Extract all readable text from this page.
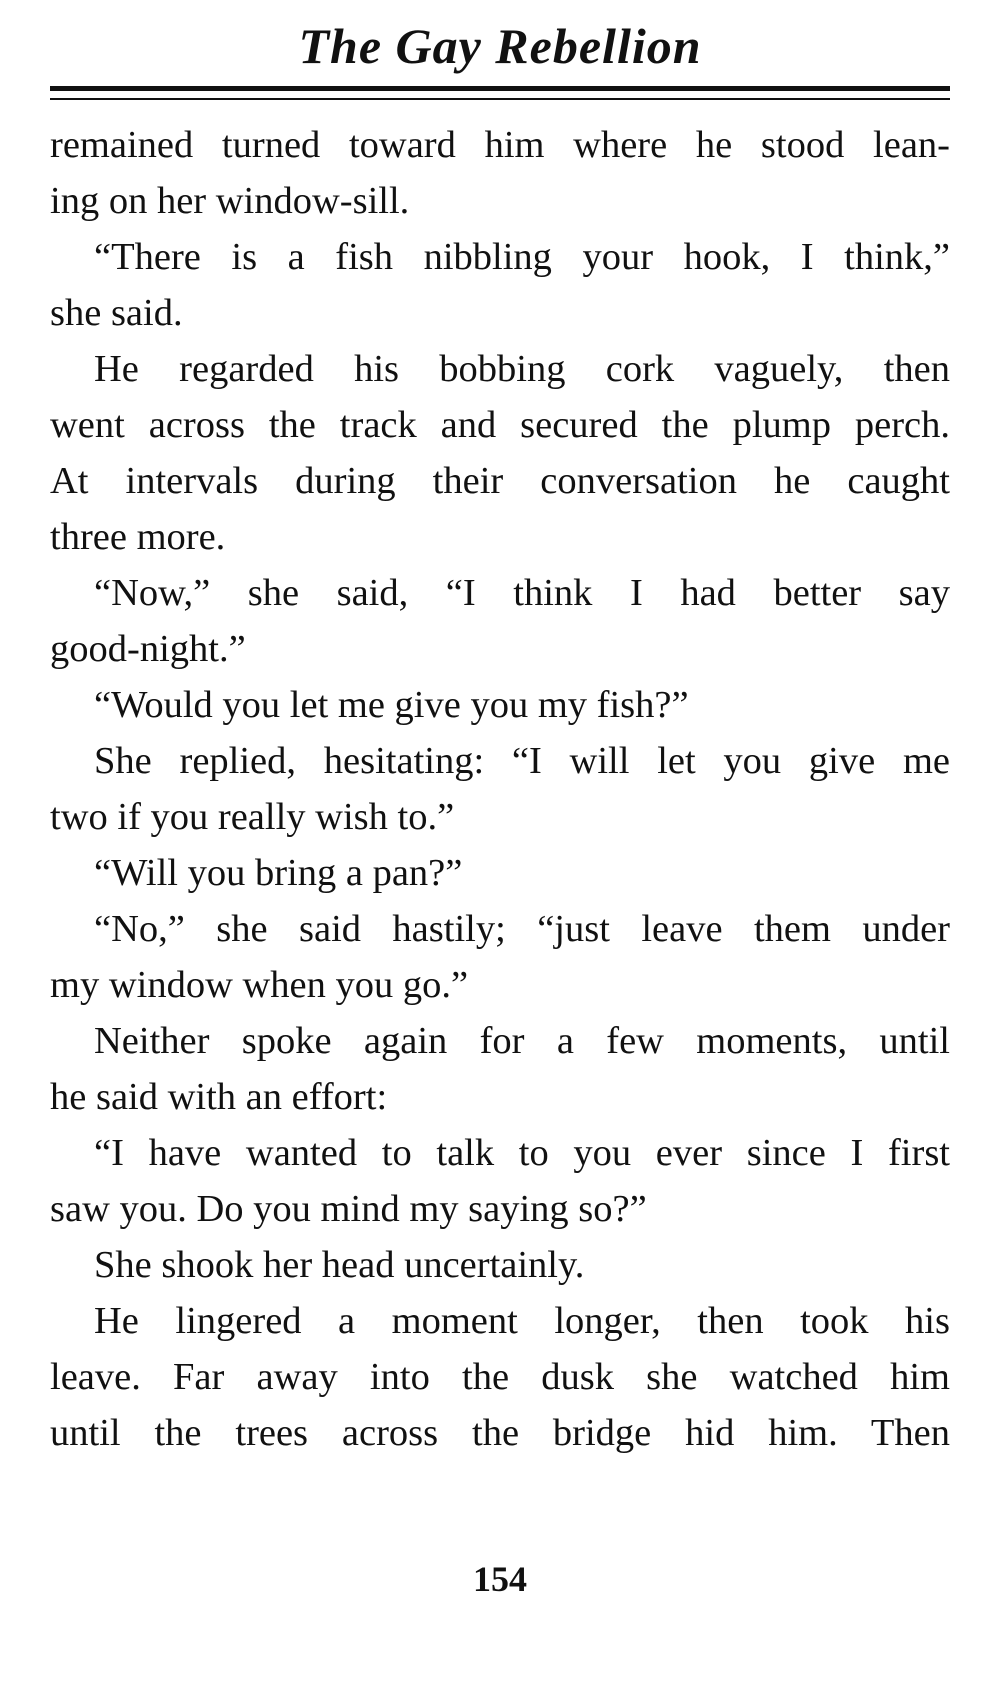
The Gay Rebellion
remained turned toward him where he stood lean-
ing on her window-sill.
“There is a fish nibbling your hook, I think,”
she said.
He regarded his bobbing cork vaguely, then
went across the track and secured the plump perch.
At intervals during their conversation he caught
three more.
“Now,” she said, “I think I had better say
good-night.”
“Would you let me give you my fish?”
She replied, hesitating: “I will let you give me
two if you really wish to.”
“Will you bring a pan?”
“No,” she said hastily; “just leave them under
my window when you go.”
Neither spoke again for a few moments, until
he said with an effort:
“I have wanted to talk to you ever since I first
saw you. Do you mind my saying so?”
She shook her head uncertainly.
He lingered a moment longer, then took his
leave. Far away into the dusk she watched him
until the trees across the bridge hid him. Then
154
